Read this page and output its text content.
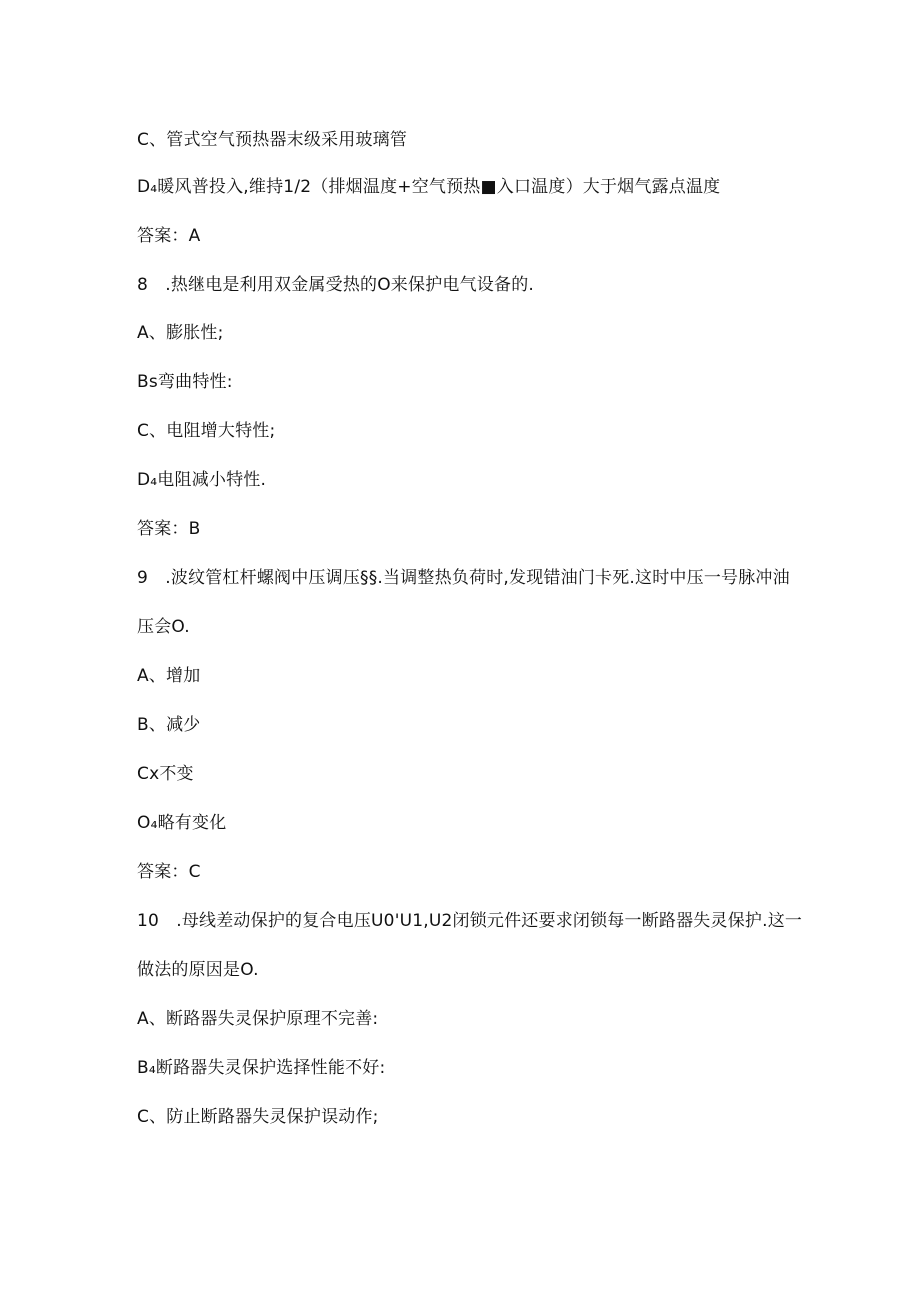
C、管式空气预热器末级采用玻璃管
D₄暖风普投入,维持1/2（排烟温度+空气预热■入口温度）大于烟气露点温度
答案：A
8　.热继电是利用双金属受热的O来保护电气设备的.
A、膨胀性;
Bs弯曲特性:
C、电阻增大特性;
D₄电阻减小特性.
答案：B
9　.波纹管杠杆螺阀中压调压§§.当调整热负荷时,发现错油门卡死.这时中压一号脉冲油
压会O.
A、增加
B、减少
Cx不变
O₄略有变化
答案：C
10　.母线差动保护的复合电压U0'U1,U2闭锁元件还要求闭锁每一断路器失灵保护.这一
做法的原因是O.
A、断路器失灵保护原理不完善:
B₄断路器失灵保护选择性能不好:
C、防止断路器失灵保护误动作;
